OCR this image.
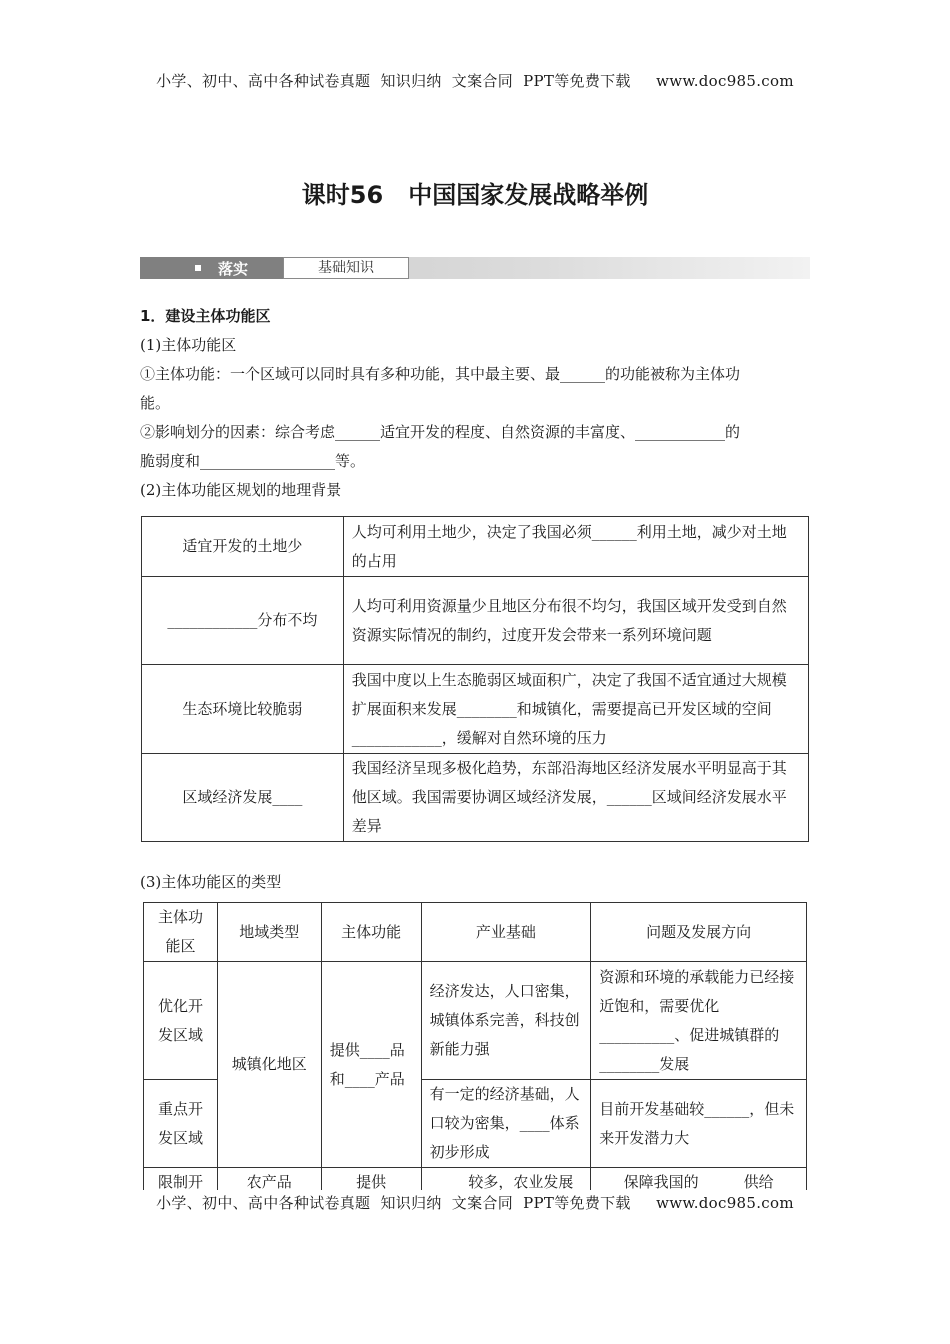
小学、初中、高中各种试卷真题  知识归纳  文案合同  PPT等免费下载     www.doc985.com
课时56   中国国家发展战略举例
落实	基础知识

1．建设主体功能区

(1)主体功能区

①主体功能：一个区域可以同时具有多种功能，其中最主要、最______的功能被称为主体功

能。

②影响划分的因素：综合考虑______适宜开发的程度、自然资源的丰富度、____________的

脆弱度和__________________等。

(2)主体功能区规划的地理背景

适宜开发的土地少	人均可利用土地少，决定了我国必须______利用土地，减少对土地的占用
____________分布不均	人均可利用资源量少且地区分布很不均匀，我国区域开发受到自然资源实际情况的制约，过度开发会带来一系列环境问题
生态环境比较脆弱	我国中度以上生态脆弱区域面积广，决定了我国不适宜通过大规模扩展面积来发展________和城镇化，需要提高已开发区域的空间____________，缓解对自然环境的压力
区域经济发展____	我国经济呈现多极化趋势，东部沿海地区经济发展水平明显高于其他区域。我国需要协调区域经济发展，______区域间经济发展水平差异

(3)主体功能区的类型

主体功能区	地域类型	主体功能	产业基础	问题及发展方向
优化开发区域	城镇化地区	提供____品和____产品	经济发达，人口密集，城镇体系完善，科技创新能力强	资源和环境的承载能力已经接近饱和，需要优化__________、促进城镇群的________发展
重点开发区域			有一定的经济基础，人口较为密集，____体系初步形成	目前开发基础较______，但未来开发潜力大
限制开	农产品	提供	____较多，农业发展	保障我国的______供给
小学、初中、高中各种试卷真题  知识归纳  文案合同  PPT等免费下载     www.doc985.com
